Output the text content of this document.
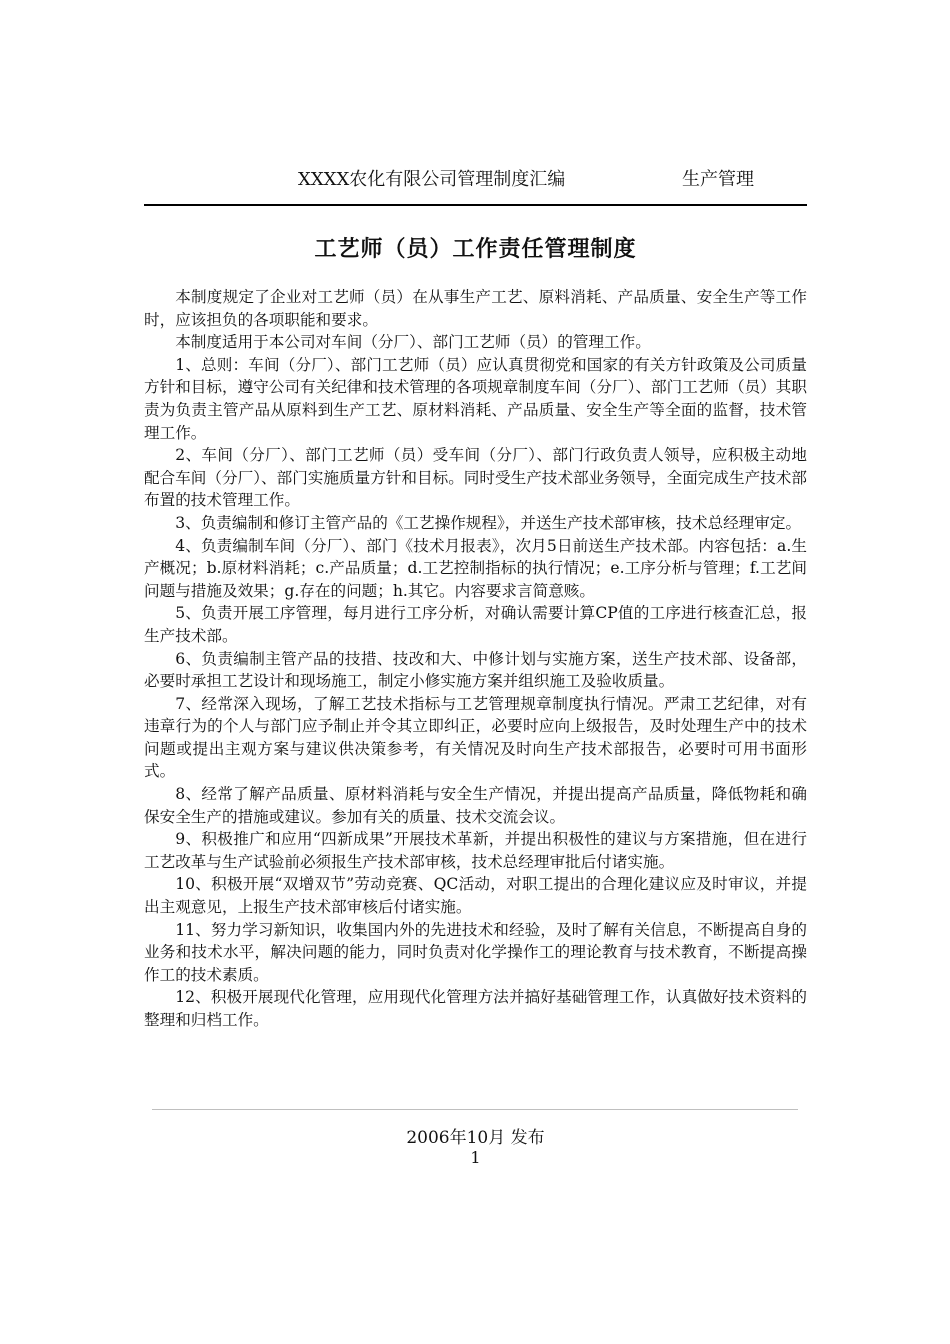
XXXX农化有限公司管理制度汇编	生产管理
工艺师（员）工作责任管理制度

本制度规定了企业对工艺师（员）在从事生产工艺、原料消耗、产品质量、安全生产等工作时，应该担负的各项职能和要求。

本制度适用于本公司对车间（分厂）、部门工艺师（员）的管理工作。

1、总则：车间（分厂）、部门工艺师（员）应认真贯彻党和国家的有关方针政策及公司质量方针和目标，遵守公司有关纪律和技术管理的各项规章制度车间（分厂）、部门工艺师（员）其职责为负责主管产品从原料到生产工艺、原材料消耗、产品质量、安全生产等全面的监督，技术管理工作。

2、车间（分厂）、部门工艺师（员）受车间（分厂）、部门行政负责人领导，应积极主动地配合车间（分厂）、部门实施质量方针和目标。同时受生产技术部业务领导，全面完成生产技术部布置的技术管理工作。

3、负责编制和修订主管产品的《工艺操作规程》，并送生产技术部审核，技术总经理审定。

4、负责编制车间（分厂）、部门《技术月报表》，次月5日前送生产技术部。内容包括：a.生产概况；b.原材料消耗；c.产品质量；d.工艺控制指标的执行情况；e.工序分析与管理；f.工艺间问题与措施及效果；g.存在的问题；h.其它。内容要求言简意赅。

5、负责开展工序管理，每月进行工序分析，对确认需要计算CP值的工序进行核查汇总，报生产技术部。

6、负责编制主管产品的技措、技改和大、中修计划与实施方案，送生产技术部、设备部，必要时承担工艺设计和现场施工，制定小修实施方案并组织施工及验收质量。

7、经常深入现场，了解工艺技术指标与工艺管理规章制度执行情况。严肃工艺纪律，对有违章行为的个人与部门应予制止并令其立即纠正，必要时应向上级报告，及时处理生产中的技术问题或提出主观方案与建议供决策参考，有关情况及时向生产技术部报告，必要时可用书面形式。

8、经常了解产品质量、原材料消耗与安全生产情况，并提出提高产品质量，降低物耗和确保安全生产的措施或建议。参加有关的质量、技术交流会议。

9、积极推广和应用“四新成果”开展技术革新，并提出积极性的建议与方案措施，但在进行工艺改革与生产试验前必须报生产技术部审核，技术总经理审批后付诸实施。

10、积极开展“双增双节”劳动竞赛、QC活动，对职工提出的合理化建议应及时审议，并提出主观意见，上报生产技术部审核后付诸实施。

11、努力学习新知识，收集国内外的先进技术和经验，及时了解有关信息，不断提高自身的业务和技术水平，解决问题的能力，同时负责对化学操作工的理论教育与技术教育，不断提高操作工的技术素质。

12、积极开展现代化管理，应用现代化管理方法并搞好基础管理工作，认真做好技术资料的整理和归档工作。

2006年10月 发布
1
